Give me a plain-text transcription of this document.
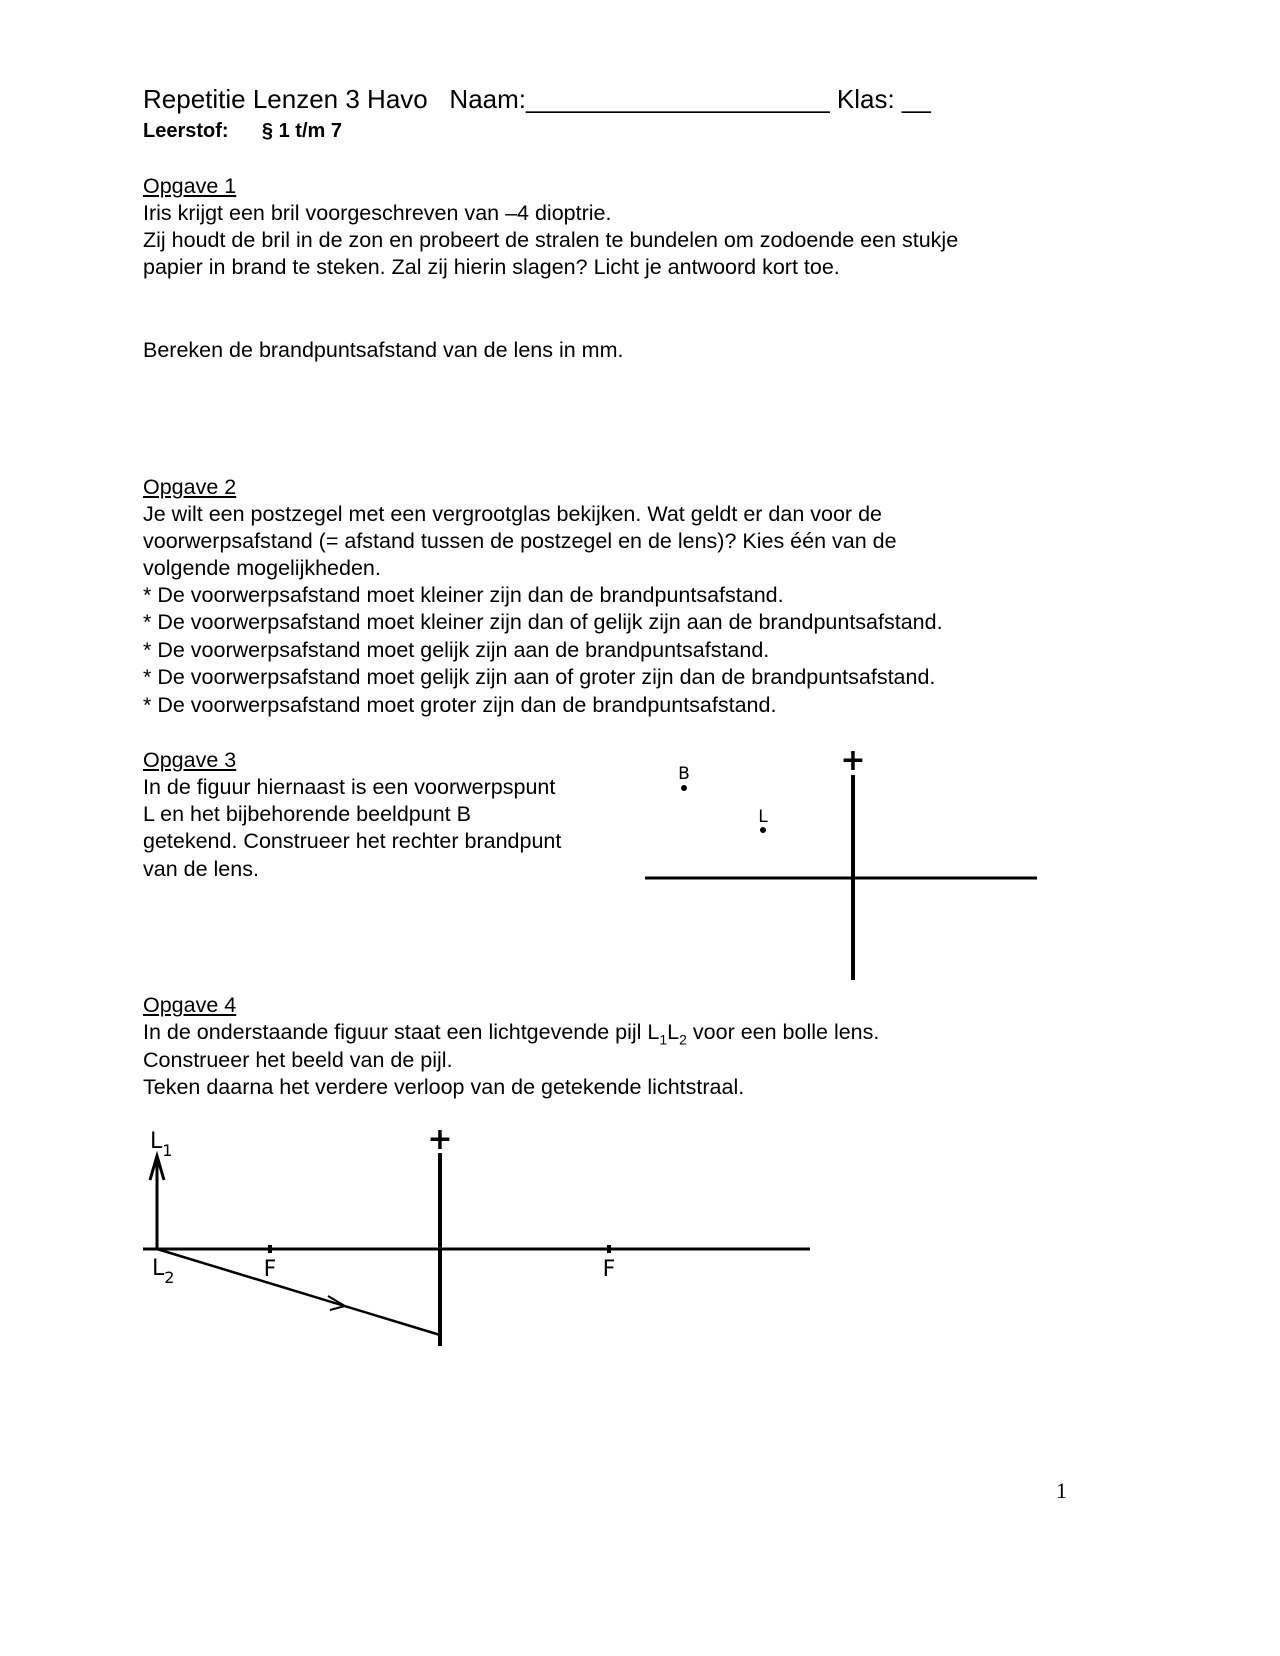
Repetitie Lenzen 3 Havo Naam:_____________________ Klas: __
Leerstof: § 1 t/m 7
Opgave 1
Iris krijgt een bril voorgeschreven van –4 dioptrie.
Zij houdt de bril in de zon en probeert de stralen te bundelen om zodoende een stukje
papier in brand te steken. Zal zij hierin slagen? Licht je antwoord kort toe.
Bereken de brandpuntsafstand van de lens in mm.
Opgave 2
Je wilt een postzegel met een vergrootglas bekijken. Wat geldt er dan voor de
voorwerpsafstand (= afstand tussen de postzegel en de lens)? Kies één van de
volgende mogelijkheden.
* De voorwerpsafstand moet kleiner zijn dan de brandpuntsafstand.
* De voorwerpsafstand moet kleiner zijn dan of gelijk zijn aan de brandpuntsafstand.
* De voorwerpsafstand moet gelijk zijn aan de brandpuntsafstand.
* De voorwerpsafstand moet gelijk zijn aan of groter zijn dan de brandpuntsafstand.
* De voorwerpsafstand moet groter zijn dan de brandpuntsafstand.
Opgave 3
In de figuur hiernaast is een voorwerpspunt
L en het bijbehorende beeldpunt B
getekend. Construeer het rechter brandpunt
van de lens.
+
B
L
+
$L_1$
$L_2$	F	F
Opgave 4
In de onderstaande figuur staat een lichtgevende pijl $L_1L_2$ voor een bolle lens.
Construeer het beeld van de pijl.
Teken daarna het verdere verloop van de getekende lichtstraal.
1
